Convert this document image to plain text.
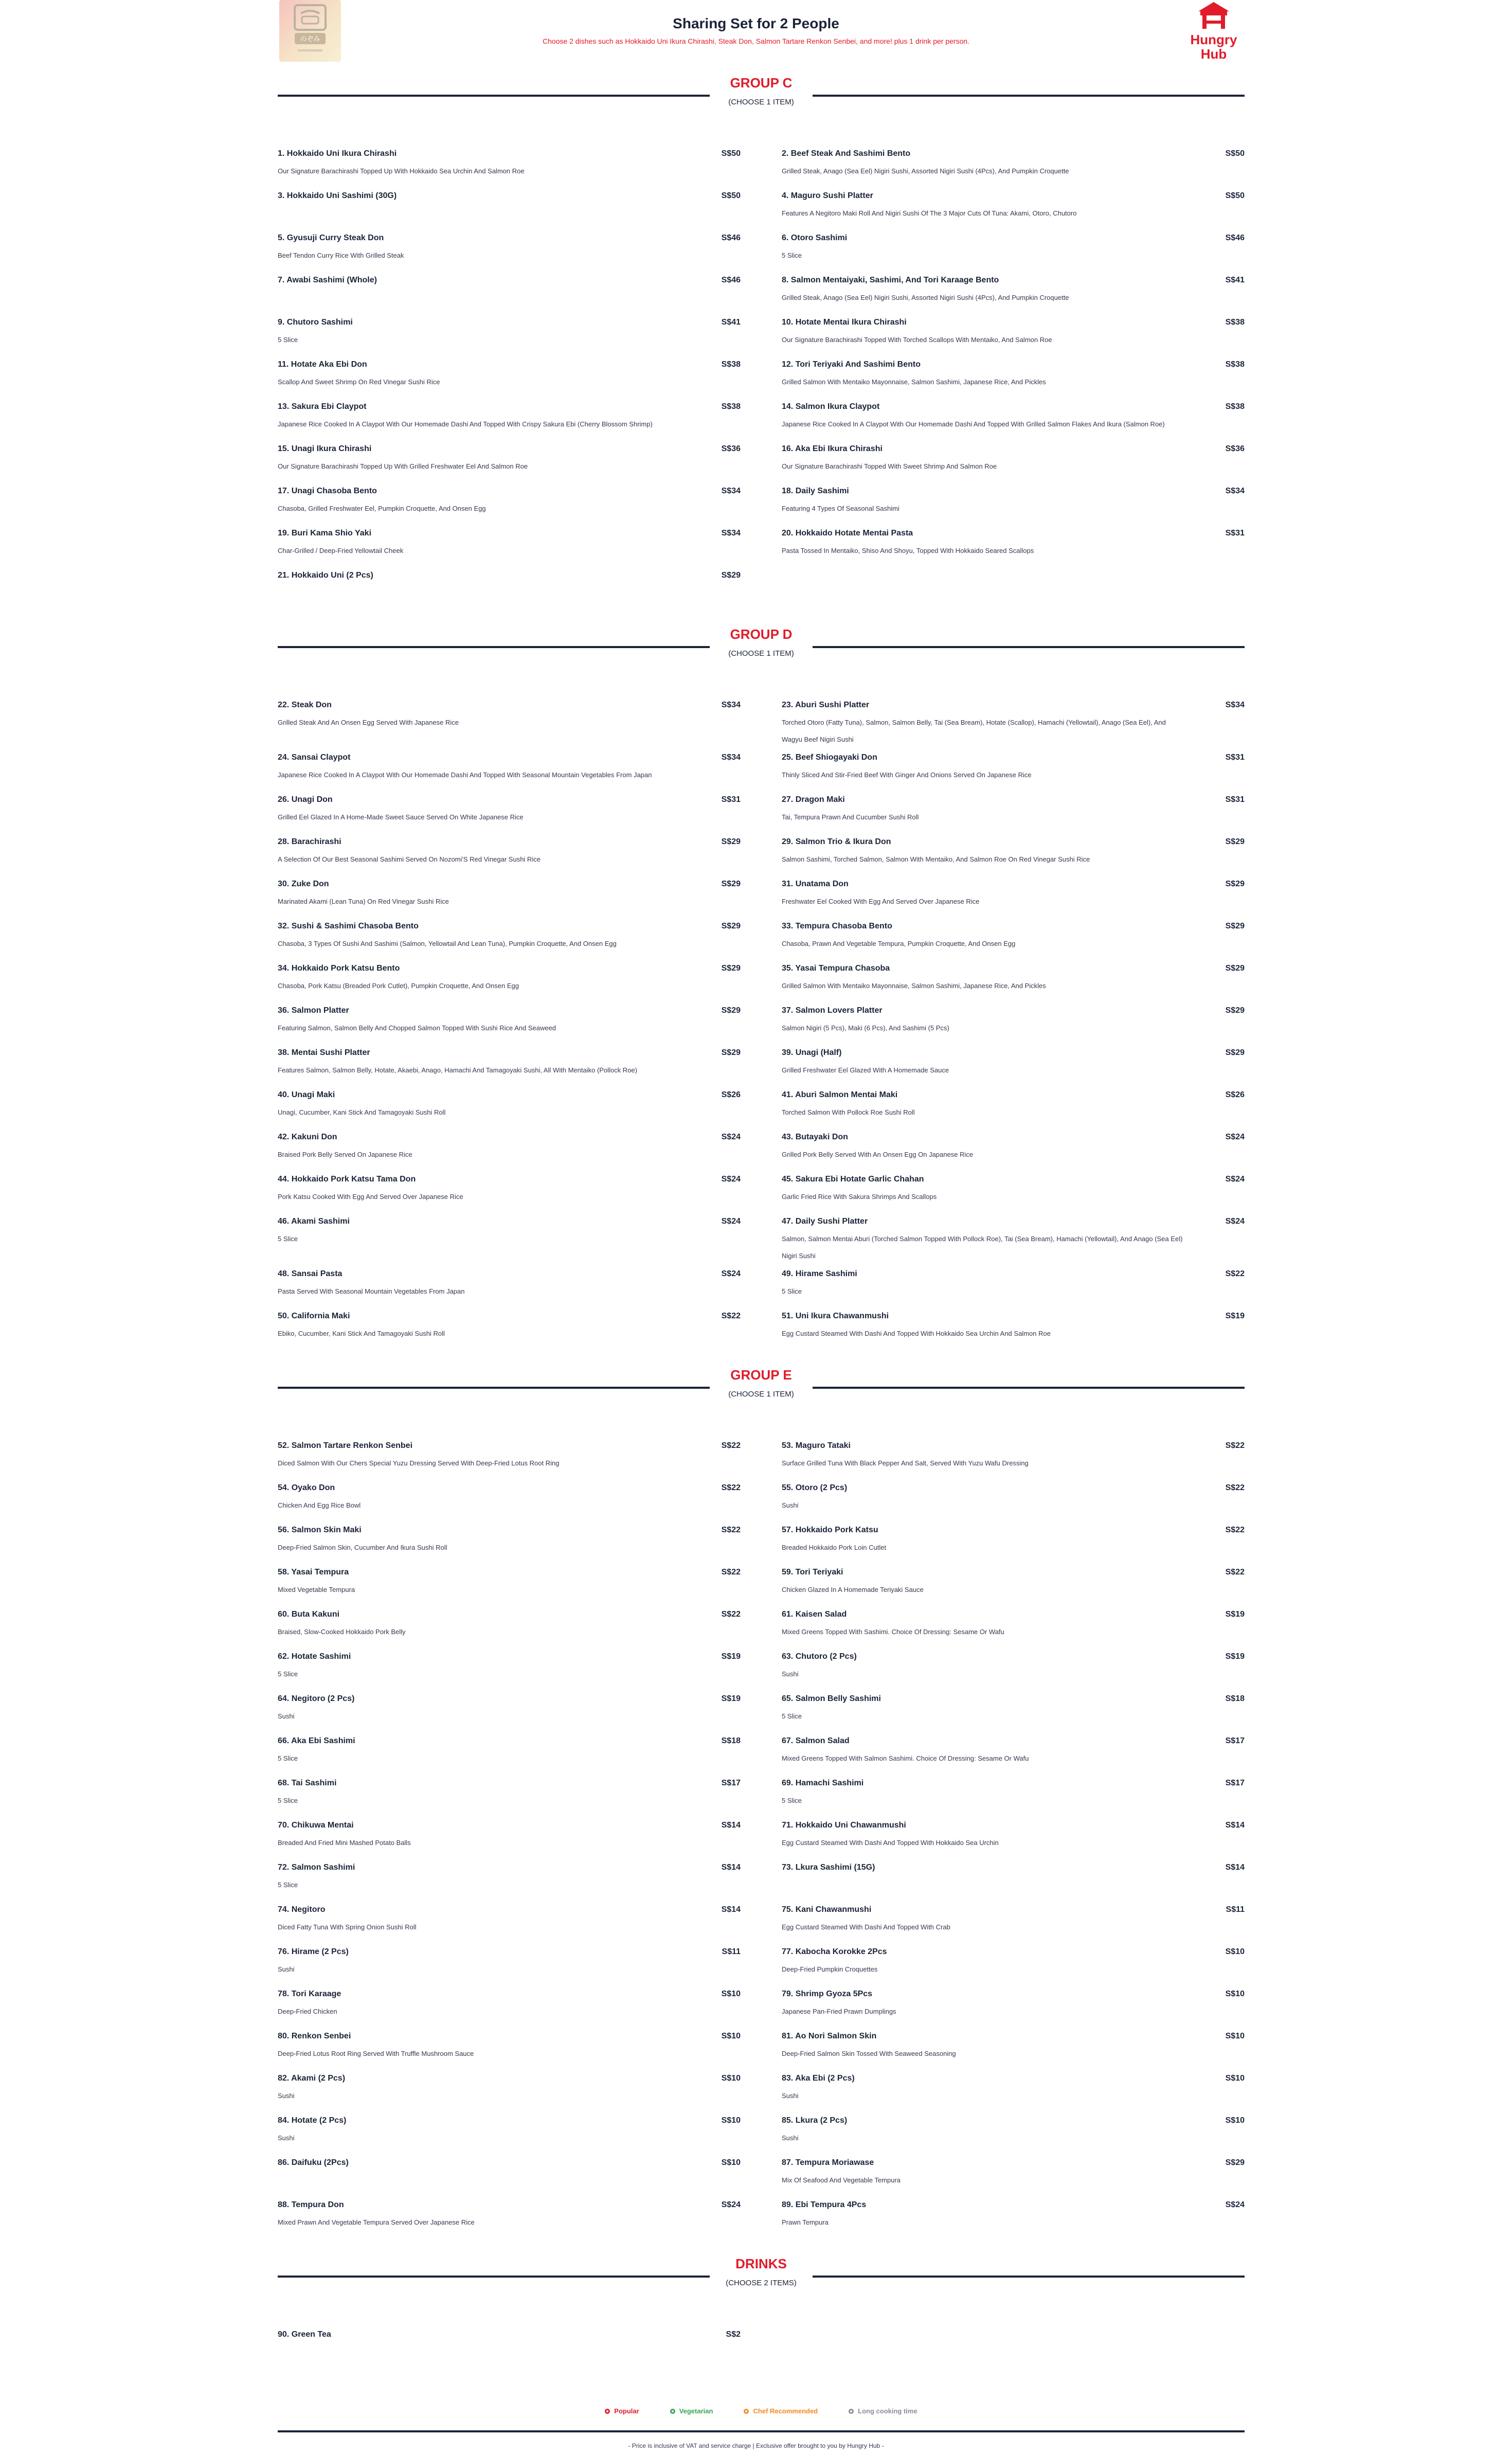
のぞみ
Sharing Set for 2 People
Choose 2 dishes such as Hokkaido Uni Ikura Chirashi, Steak Don, Salmon Tartare Renkon Senbei, and more! plus 1 drink per person.	Hungry
Hub
GROUP C
(CHOOSE 1 ITEM)
1. Hokkaido Uni Ikura Chirashi	S$50
Our Signature Barachirashi Topped Up With Hokkaido Sea Urchin And Salmon Roe
2. Beef Steak And Sashimi Bento	S$50
Grilled Steak, Anago (Sea Eel) Nigiri Sushi, Assorted Nigiri Sushi (4Pcs), And Pumpkin Croquette
3. Hokkaido Uni Sashimi (30G)	S$50	4. Maguro Sushi Platter	S$50
Features A Negitoro Maki Roll And Nigiri Sushi Of The 3 Major Cuts Of Tuna: Akami, Otoro, Chutoro
5. Gyusuji Curry Steak Don	S$46
Beef Tendon Curry Rice With Grilled Steak
6. Otoro Sashimi	S$46
5 Slice
7. Awabi Sashimi (Whole)	S$46	8. Salmon Mentaiyaki, Sashimi, And Tori Karaage Bento	S$41
Grilled Steak, Anago (Sea Eel) Nigiri Sushi, Assorted Nigiri Sushi (4Pcs), And Pumpkin Croquette
9. Chutoro Sashimi	S$41
5 Slice
10. Hotate Mentai Ikura Chirashi	S$38
Our Signature Barachirashi Topped With Torched Scallops With Mentaiko, And Salmon Roe
11. Hotate Aka Ebi Don	S$38
Scallop And Sweet Shrimp On Red Vinegar Sushi Rice
12. Tori Teriyaki And Sashimi Bento	S$38
Grilled Salmon With Mentaiko Mayonnaise, Salmon Sashimi, Japanese Rice, And Pickles
13. Sakura Ebi Claypot	S$38
Japanese Rice Cooked In A Claypot With Our Homemade Dashi And Topped With Crispy Sakura Ebi (Cherry Blossom Shrimp)
14. Salmon Ikura Claypot	S$38
Japanese Rice Cooked In A Claypot With Our Homemade Dashi And Topped With Grilled Salmon Flakes And Ikura (Salmon Roe)
15. Unagi Ikura Chirashi	S$36
Our Signature Barachirashi Topped Up With Grilled Freshwater Eel And Salmon Roe
16. Aka Ebi Ikura Chirashi	S$36
Our Signature Barachirashi Topped With Sweet Shrimp And Salmon Roe
17. Unagi Chasoba Bento	S$34
Chasoba, Grilled Freshwater Eel, Pumpkin Croquette, And Onsen Egg
18. Daily Sashimi	S$34
Featuring 4 Types Of Seasonal Sashimi
19. Buri Kama Shio Yaki	S$34
Char-Grilled / Deep-Fried Yellowtail Cheek
20. Hokkaido Hotate Mentai Pasta	S$31
Pasta Tossed In Mentaiko, Shiso And Shoyu, Topped With Hokkaido Seared Scallops
21. Hokkaido Uni (2 Pcs)	S$29
GROUP D
(CHOOSE 1 ITEM)
22. Steak Don	S$34
Grilled Steak And An Onsen Egg Served With Japanese Rice
23. Aburi Sushi Platter	S$34
Torched Otoro (Fatty Tuna), Salmon, Salmon Belly, Tai (Sea Bream), Hotate (Scallop), Hamachi (Yellowtail), Anago (Sea Eel), And Wagyu Beef Nigiri Sushi
24. Sansai Claypot	S$34
Japanese Rice Cooked In A Claypot With Our Homemade Dashi And Topped With Seasonal Mountain Vegetables From Japan
25. Beef Shiogayaki Don	S$31
Thinly Sliced And Stir-Fried Beef With Ginger And Onions Served On Japanese Rice
26. Unagi Don	S$31
Grilled Eel Glazed In A Home-Made Sweet Sauce Served On White Japanese Rice
27. Dragon Maki	S$31
Tai, Tempura Prawn And Cucumber Sushi Roll
28. Barachirashi	S$29
A Selection Of Our Best Seasonal Sashimi Served On Nozomi'S Red Vinegar Sushi Rice
29. Salmon Trio & Ikura Don	S$29
Salmon Sashimi, Torched Salmon, Salmon With Mentaiko, And Salmon Roe On Red Vinegar Sushi Rice
30. Zuke Don	S$29
Marinated Akami (Lean Tuna) On Red Vinegar Sushi Rice
31. Unatama Don	S$29
Freshwater Eel Cooked With Egg And Served Over Japanese Rice
32. Sushi & Sashimi Chasoba Bento	S$29
Chasoba, 3 Types Of Sushi And Sashimi (Salmon, Yellowtail And Lean Tuna), Pumpkin Croquette, And Onsen Egg
33. Tempura Chasoba Bento	S$29
Chasoba, Prawn And Vegetable Tempura, Pumpkin Croquette, And Onsen Egg
34. Hokkaido Pork Katsu Bento	S$29
Chasoba, Pork Katsu (Breaded Pork Cutlet), Pumpkin Croquette, And Onsen Egg
35. Yasai Tempura Chasoba	S$29
Grilled Salmon With Mentaiko Mayonnaise, Salmon Sashimi, Japanese Rice, And Pickles
36. Salmon Platter	S$29
Featuring Salmon, Salmon Belly And Chopped Salmon Topped With Sushi Rice And Seaweed
37. Salmon Lovers Platter	S$29
Salmon Nigiri (5 Pcs), Maki (6 Pcs), And Sashimi (5 Pcs)
38. Mentai Sushi Platter	S$29
Features Salmon, Salmon Belly, Hotate, Akaebi, Anago, Hamachi And Tamagoyaki Sushi, All With Mentaiko (Pollock Roe)
39. Unagi (Half)	S$29
Grilled Freshwater Eel Glazed With A Homemade Sauce
40. Unagi Maki	S$26
Unagi, Cucumber, Kani Stick And Tamagoyaki Sushi Roll
41. Aburi Salmon Mentai Maki	S$26
Torched Salmon With Pollock Roe Sushi Roll
42. Kakuni Don	S$24
Braised Pork Belly Served On Japanese Rice
43. Butayaki Don	S$24
Grilled Pork Belly Served With An Onsen Egg On Japanese Rice
44. Hokkaido Pork Katsu Tama Don	S$24
Pork Katsu Cooked With Egg And Served Over Japanese Rice
45. Sakura Ebi Hotate Garlic Chahan	S$24
Garlic Fried Rice With Sakura Shrimps And Scallops
46. Akami Sashimi	S$24
5 Slice
47. Daily Sushi Platter	S$24
Salmon, Salmon Mentai Aburi (Torched Salmon Topped With Pollock Roe), Tai (Sea Bream), Hamachi (Yellowtail), And Anago (Sea Eel) Nigiri Sushi
48. Sansai Pasta	S$24
Pasta Served With Seasonal Mountain Vegetables From Japan
49. Hirame Sashimi	S$22
5 Slice
50. California Maki	S$22
Ebiko, Cucumber, Kani Stick And Tamagoyaki Sushi Roll
51. Uni Ikura Chawanmushi	S$19
Egg Custard Steamed With Dashi And Topped With Hokkaido Sea Urchin And Salmon Roe
GROUP E
(CHOOSE 1 ITEM)
52. Salmon Tartare Renkon Senbei	S$22
Diced Salmon With Our Chers Special Yuzu Dressing Served With Deep-Fried Lotus Root Ring
53. Maguro Tataki	S$22
Surface Grilled Tuna With Black Pepper And Salt, Served With Yuzu Wafu Dressing
54. Oyako Don	S$22
Chicken And Egg Rice Bowl
55. Otoro (2 Pcs)	S$22
Sushi
56. Salmon Skin Maki	S$22
Deep-Fried Salmon Skin, Cucumber And Ikura Sushi Roll
57. Hokkaido Pork Katsu	S$22
Breaded Hokkaido Pork Loin Cutlet
58. Yasai Tempura	S$22
Mixed Vegetable Tempura
59. Tori Teriyaki	S$22
Chicken Glazed In A Homemade Teriyaki Sauce
60. Buta Kakuni	S$22
Braised, Slow-Cooked Hokkaido Pork Belly
61. Kaisen Salad	S$19
Mixed Greens Topped With Sashimi. Choice Of Dressing: Sesame Or Wafu
62. Hotate Sashimi	S$19
5 Slice
63. Chutoro (2 Pcs)	S$19
Sushi
64. Negitoro (2 Pcs)	S$19
Sushi
65. Salmon Belly Sashimi	S$18
5 Slice
66. Aka Ebi Sashimi	S$18
5 Slice
67. Salmon Salad	S$17
Mixed Greens Topped With Salmon Sashimi. Choice Of Dressing: Sesame Or Wafu
68. Tai Sashimi	S$17
5 Slice
69. Hamachi Sashimi	S$17
5 Slice
70. Chikuwa Mentai	S$14
Breaded And Fried Mini Mashed Potato Balls
71. Hokkaido Uni Chawanmushi	S$14
Egg Custard Steamed With Dashi And Topped With Hokkaido Sea Urchin
72. Salmon Sashimi	S$14
5 Slice
73. Lkura Sashimi (15G)	S$14
74. Negitoro	S$14
Diced Fatty Tuna With Spring Onion Sushi Roll
75. Kani Chawanmushi	S$11
Egg Custard Steamed With Dashi And Topped With Crab
76. Hirame (2 Pcs)	S$11
Sushi
77. Kabocha Korokke 2Pcs	S$10
Deep-Fried Pumpkin Croquettes
78. Tori Karaage	S$10
Deep-Fried Chicken
79. Shrimp Gyoza 5Pcs	S$10
Japanese Pan-Fried Prawn Dumplings
80. Renkon Senbei	S$10
Deep-Fried Lotus Root Ring Served With Truffle Mushroom Sauce
81. Ao Nori Salmon Skin	S$10
Deep-Fried Salmon Skin Tossed With Seaweed Seasoning
82. Akami (2 Pcs)	S$10
Sushi
83. Aka Ebi (2 Pcs)	S$10
Sushi
84. Hotate (2 Pcs)	S$10
Sushi
85. Lkura (2 Pcs)	S$10
Sushi
86. Daifuku (2Pcs)	S$10	87. Tempura Moriawase	S$29
Mix Of Seafood And Vegetable Tempura
88. Tempura Don	S$24
Mixed Prawn And Vegetable Tempura Served Over Japanese Rice
89. Ebi Tempura 4Pcs	S$24
Prawn Tempura
DRINKS
(CHOOSE 2 ITEMS)
90. Green Tea	S$2
Popular	Vegetarian	Chef Recommended	Long cooking time
- Price is inclusive of VAT and service charge | Exclusive offer brought to you by Hungry Hub -
